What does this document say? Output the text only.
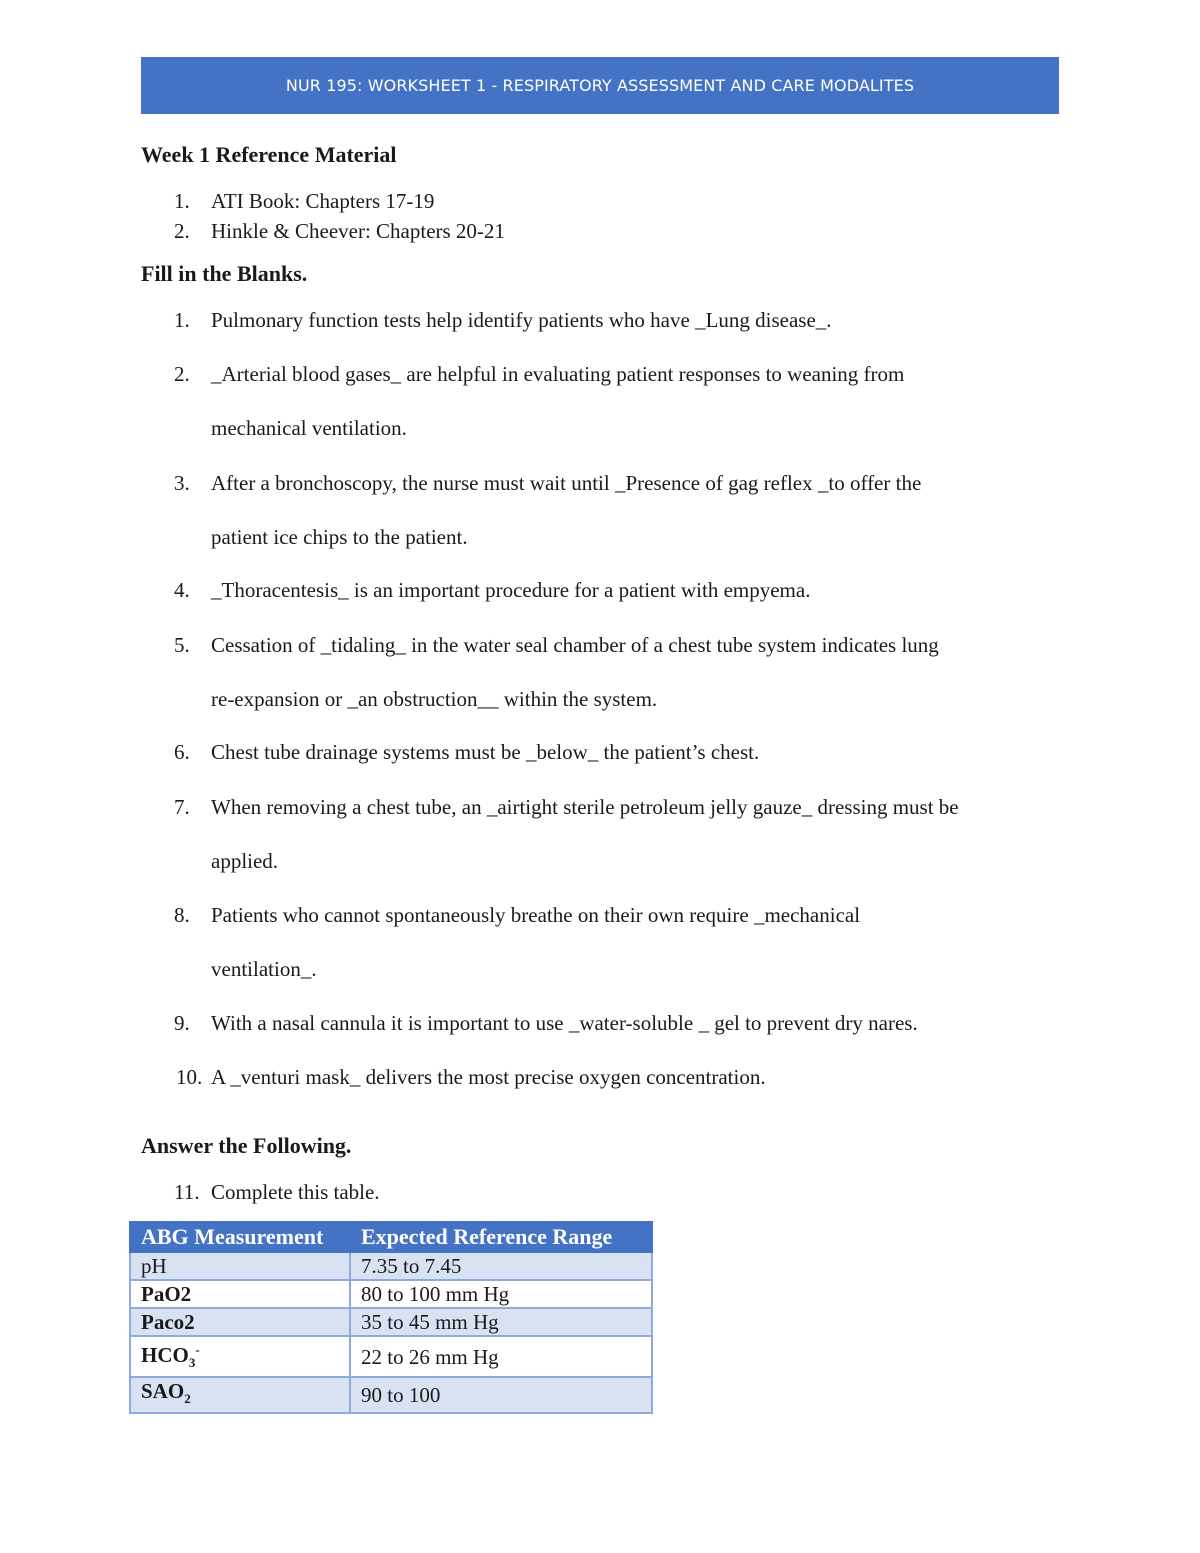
NUR 195: WORKSHEET 1 - RESPIRATORY ASSESSMENT AND CARE MODALITES
Week 1 Reference Material
1.	ATI Book: Chapters 17-19
2.	Hinkle & Cheever: Chapters 20-21
Fill in the Blanks.
1.	Pulmonary function tests help identify patients who have _Lung disease_.
2.	_Arterial blood gases_ are helpful in evaluating patient responses to weaning from
mechanical ventilation.
3.	After a bronchoscopy, the nurse must wait until _Presence of gag reflex _to offer the
patient ice chips to the patient.
4.	_Thoracentesis_ is an important procedure for a patient with empyema.
5.	Cessation of _tidaling_ in the water seal chamber of a chest tube system indicates lung
re-expansion or _an obstruction__ within the system.
6.	Chest tube drainage systems must be _below_ the patient’s chest.
7.	When removing a chest tube, an _airtight sterile petroleum jelly gauze_ dressing must be
applied.
8.	Patients who cannot spontaneously breathe on their own require _mechanical
ventilation_.
9.	With a nasal cannula it is important to use _water-soluble _ gel to prevent dry nares.
10. A _venturi mask_ delivers the most precise oxygen concentration.
Answer the Following.
11. Complete this table.
ABG Measurement	Expected Reference Range
pH	7.35 to 7.45
PaO2	80 to 100 mm Hg
Paco2	35 to 45 mm Hg
$HCO_3^-$	22 to 26 mm Hg
$SAO_2$	90 to 100
